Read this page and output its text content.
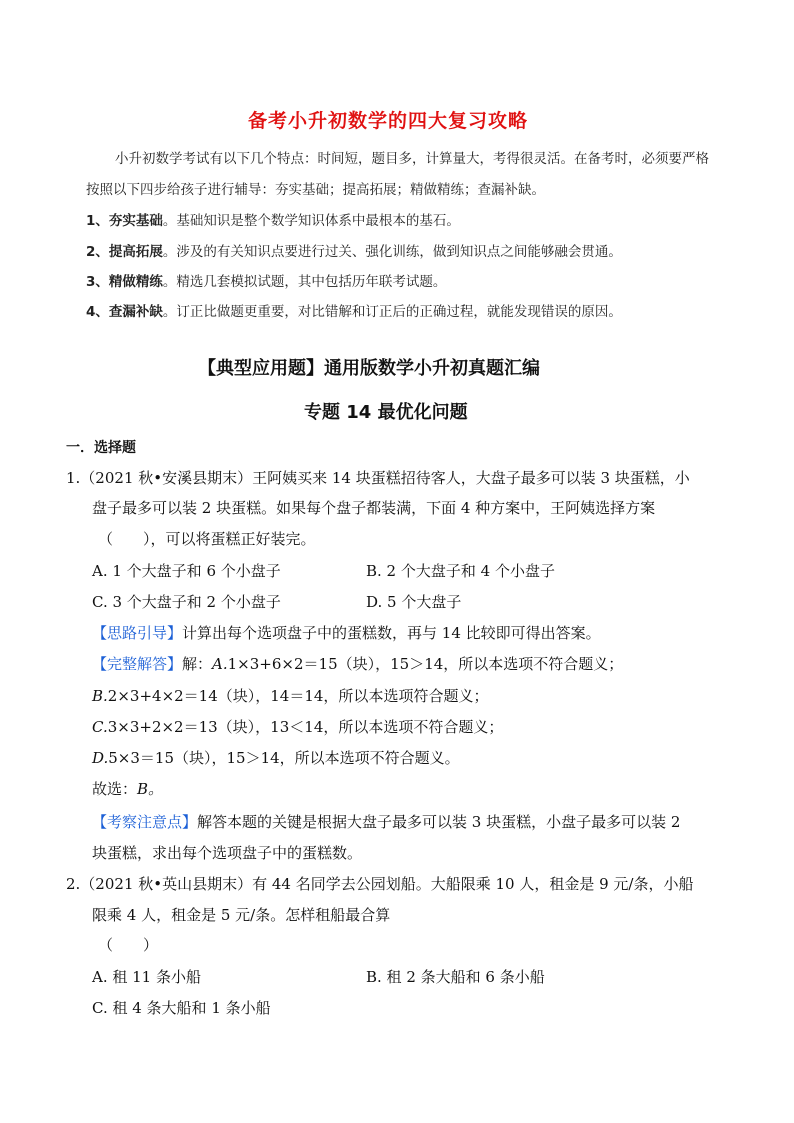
备考小升初数学的四大复习攻略
小升初数学考试有以下几个特点：时间短，题目多，计算量大，考得很灵活。在备考时，必须要严格
按照以下四步给孩子进行辅导：夯实基础；提高拓展；精做精练；查漏补缺。
1、夯实基础。基础知识是整个数学知识体系中最根本的基石。
2、提高拓展。涉及的有关知识点要进行过关、强化训练，做到知识点之间能够融会贯通。
3、精做精练。精选几套模拟试题，其中包括历年联考试题。
4、查漏补缺。订正比做题更重要，对比错解和订正后的正确过程，就能发现错误的原因。
【典型应用题】通用版数学小升初真题汇编
专题 14 最优化问题
一．选择题
1.（2021 秋•安溪县期末）王阿姨买来 14 块蛋糕招待客人，大盘子最多可以装 3 块蛋糕，小
盘子最多可以装 2 块蛋糕。如果每个盘子都装满，下面 4 种方案中，王阿姨选择方案
（　　），可以将蛋糕正好装完。
A. 1 个大盘子和 6 个小盘子	B. 2 个大盘子和 4 个小盘子
C. 3 个大盘子和 2 个小盘子	D. 5 个大盘子
【思路引导】计算出每个选项盘子中的蛋糕数，再与 14 比较即可得出答案。
【完整解答】解：A.1×3+6×2＝15（块），15＞14，所以本选项不符合题义；
B.2×3+4×2＝14（块），14＝14，所以本选项符合题义；
C.3×3+2×2＝13（块），13＜14，所以本选项不符合题义；
D.5×3＝15（块），15＞14，所以本选项不符合题义。
故选：B。
【考察注意点】解答本题的关键是根据大盘子最多可以装 3 块蛋糕，小盘子最多可以装 2
块蛋糕，求出每个选项盘子中的蛋糕数。
2.（2021 秋•英山县期末）有 44 名同学去公园划船。大船限乘 10 人，租金是 9 元/条，小船
限乘 4 人，租金是 5 元/条。怎样租船最合算
（　　）
A. 租 11 条小船	B. 租 2 条大船和 6 条小船
C. 租 4 条大船和 1 条小船
